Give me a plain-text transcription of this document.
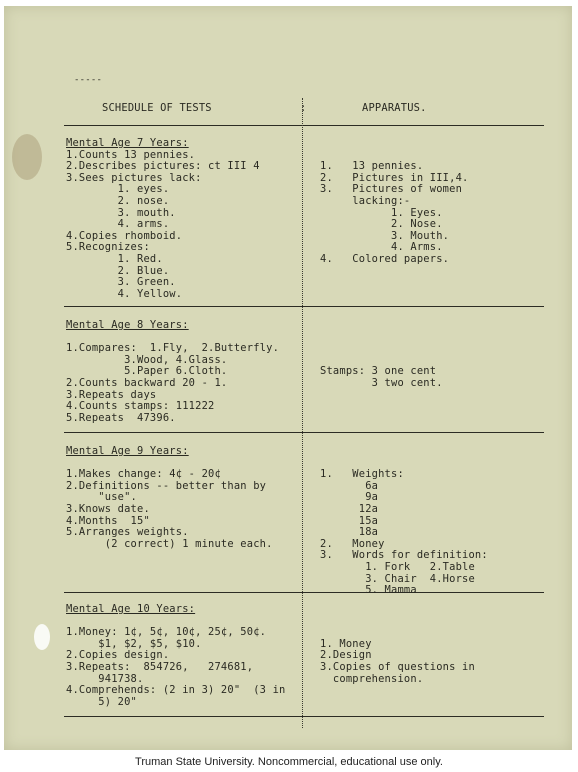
-----
SCHEDULE OF TESTS	:	APPARATUS.
Mental Age 7 Years:
1.Counts 13 pennies.
2.Describes pictures: ct III 4
3.Sees pictures lack:
1. eyes.
2. nose.
3. mouth.
4. arms.
4.Copies rhomboid.
5.Recognizes:
1. Red.
2. Blue.
3. Green.
4. Yellow.
1.   13 pennies.
2.   Pictures in III,4.
3.   Pictures of women
lacking:-
1. Eyes.
2. Nose.
3. Mouth.
4. Arms.
4.   Colored papers.
Mental Age 8 Years:
1.Compares:  1.Fly,  2.Butterfly.
3.Wood, 4.Glass.
5.Paper 6.Cloth.
2.Counts backward 20 - 1.
3.Repeats days
4.Counts stamps: 111222
5.Repeats  47396.
Stamps: 3 one cent
3 two cent.
Mental Age 9 Years:
1.Makes change: 4¢ - 20¢
2.Definitions -- better than by
"use".
3.Knows date.
4.Months  15"
5.Arranges weights.
(2 correct) 1 minute each.
1.   Weights:
6a
9a
12a
15a
18a
2.   Money
3.   Words for definition:
1. Fork   2.Table
3. Chair  4.Horse
5. Mamma
Mental Age 10 Years:
1.Money: 1¢, 5¢, 10¢, 25¢, 50¢.
$1, $2, $5, $10.
2.Copies design.
3.Repeats:  854726,   274681,
941738.
4.Comprehends: (2 in 3) 20"  (3 in
5) 20"
1. Money
2.Design
3.Copies of questions in
comprehension.
Truman State University. Noncommercial, educational use only.
